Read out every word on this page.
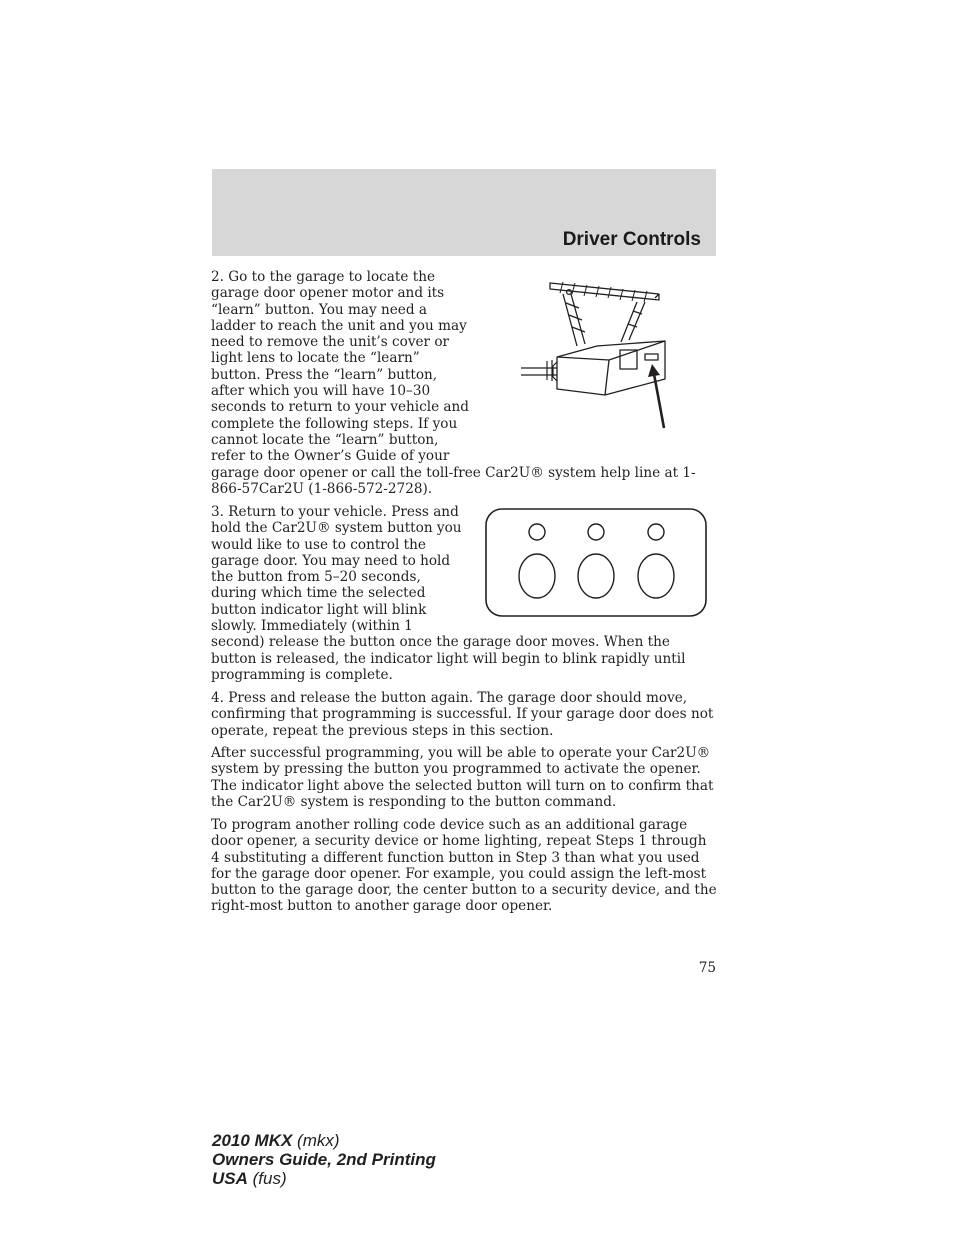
Driver Controls

2. Go to the garage to locate the garage door opener motor and its “learn” button. You may need a ladder to reach the unit and you may need to remove the unit’s cover or light lens to locate the “learn” button. Press the “learn” button, after which you will have 10–30 seconds to return to your vehicle and complete the following steps. If you cannot locate the “learn” button, refer to the Owner’s Guide of your garage door opener or call the toll-free Car2U® system help line at 1-866-57Car2U (1-866-572-2728).

3. Return to your vehicle. Press and hold the Car2U® system button you would like to use to control the garage door. You may need to hold the button from 5–20 seconds, during which time the selected button indicator light will blink slowly. Immediately (within 1 second) release the button once the garage door moves. When the button is released, the indicator light will begin to blink rapidly until programming is complete.

4. Press and release the button again. The garage door should move, confirming that programming is successful. If your garage door does not operate, repeat the previous steps in this section.

After successful programming, you will be able to operate your Car2U® system by pressing the button you programmed to activate the opener. The indicator light above the selected button will turn on to confirm that the Car2U® system is responding to the button command.

To program another rolling code device such as an additional garage door opener, a security device or home lighting, repeat Steps 1 through 4 substituting a different function button in Step 3 than what you used for the garage door opener. For example, you could assign the left-most button to the garage door, the center button to a security device, and the right-most button to another garage door opener.

75
2010 MKX (mkx)
Owners Guide, 2nd Printing
USA (fus)
